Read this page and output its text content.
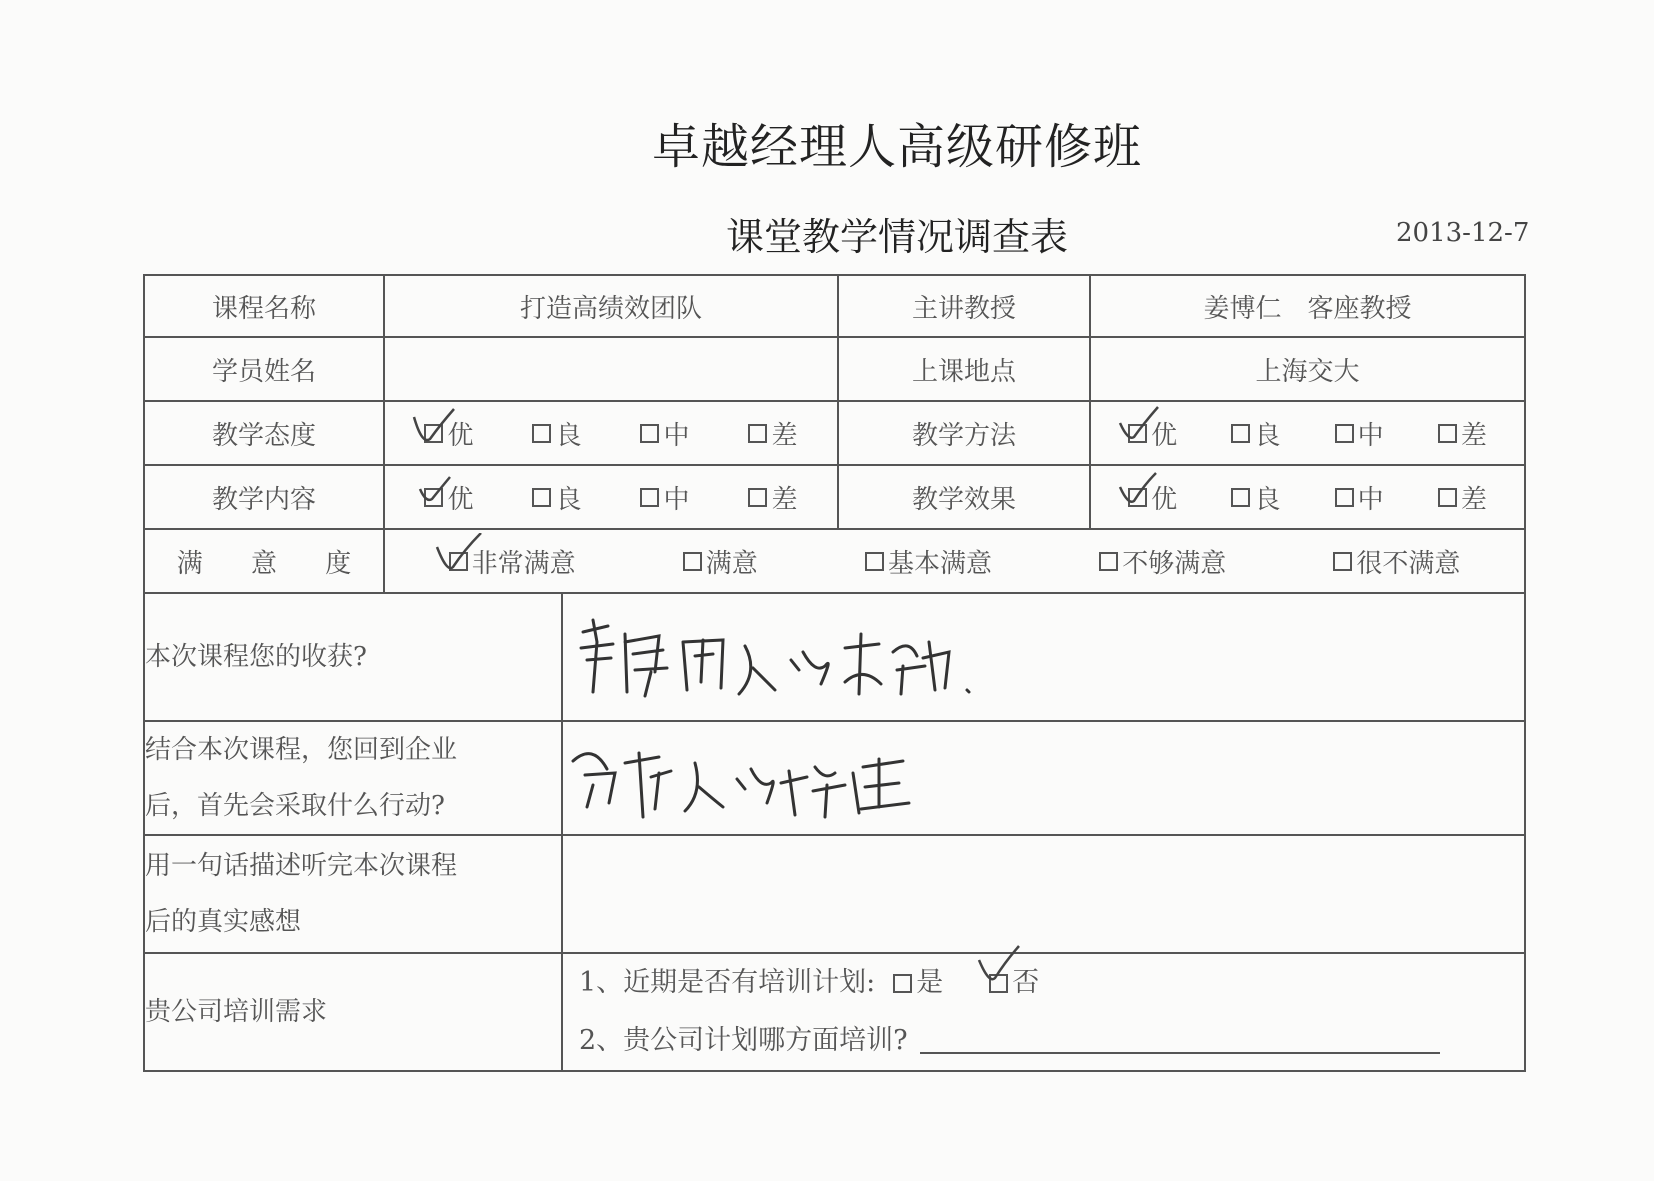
卓越经理人高级研修班
课堂教学情况调查表	2013-12-7
课程名称	打造高绩效团队		主讲教授	姜博仁　客座教授
学员姓名			上课地点	上海交大
教学态度	优 良 中 差		教学方法	优 良 中 差

教学内容	优 良 中 差		教学效果	优 良 中 差

满 意 度	非常满意 满意 基本满意 不够满意 很不满意			

本次课程您的收获?	

结合本次课程，您回到企业
后，首先会采取什么行动?

用一句话描述听完本次课程
后的真实感想				

贵公司培训需求		1、近期是否有培训计划: 是 否
2、贵公司计划哪方面培训?		
